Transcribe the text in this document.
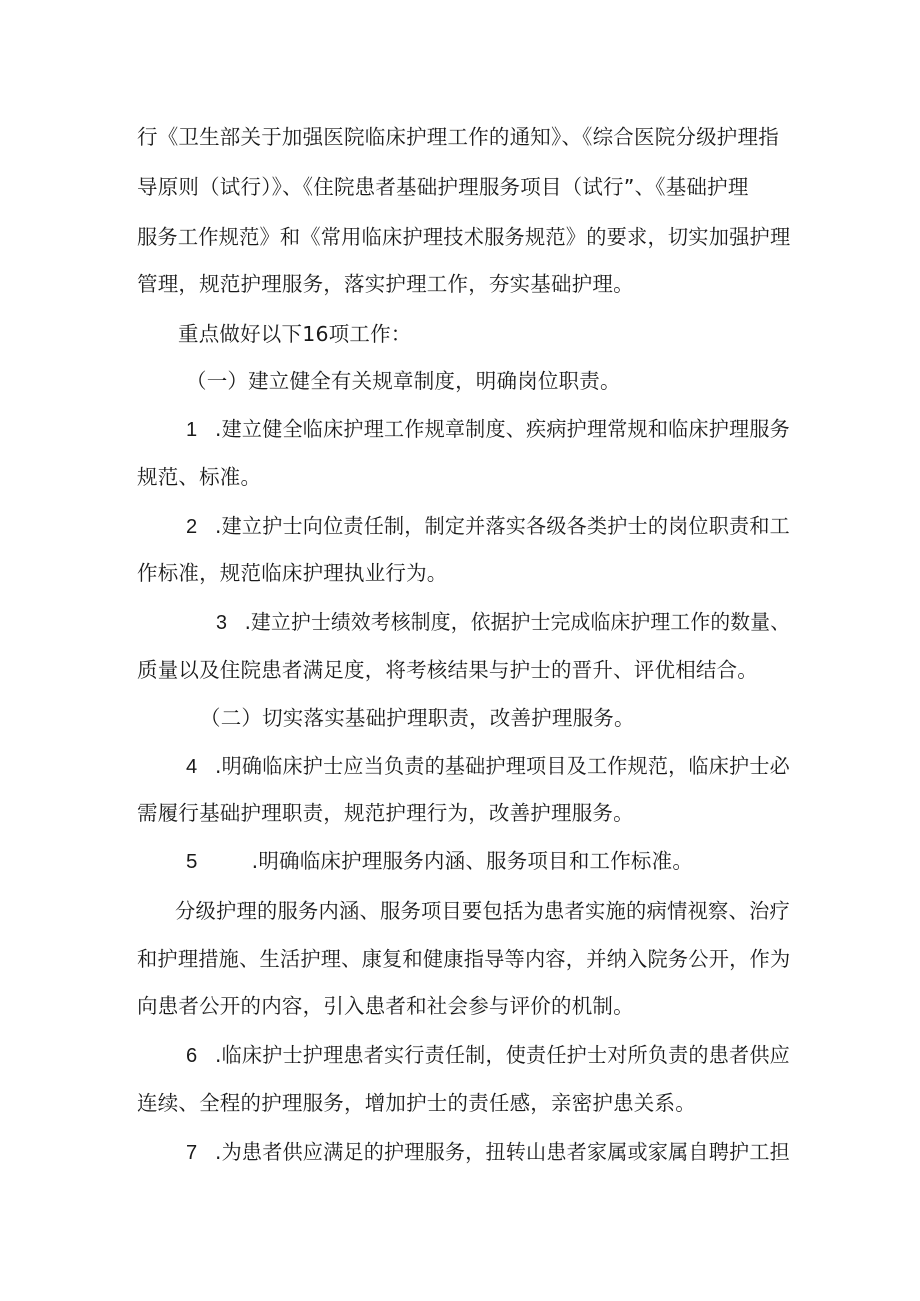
行《卫生部关于加强医院临床护理工作的通知》、《综合医院分级护理指
导原则（试行）》、《住院患者基础护理服务项目（试行”、《基础护理
服务工作规范》和《常用临床护理技术服务规范》的要求，切实加强护理
管理，规范护理服务，落实护理工作，夯实基础护理。
重点做好以下16项工作：
（一）建立健全有关规章制度，明确岗位职责。
1 .建立健全临床护理工作规章制度、疾病护理常规和临床护理服务
规范、标准。
2 .建立护士向位责任制，制定并落实各级各类护士的岗位职责和工
作标准，规范临床护理执业行为。
3 .建立护士绩效考核制度，依据护士完成临床护理工作的数量、
质量以及住院患者满足度，将考核结果与护士的晋升、评优相结合。
（二）切实落实基础护理职责，改善护理服务。
4 .明确临床护士应当负责的基础护理项目及工作规范，临床护士必
需履行基础护理职责，规范护理行为，改善护理服务。
5	.明确临床护理服务内涵、服务项目和工作标准。
分级护理的服务内涵、服务项目要包括为患者实施的病情视察、治疗
和护理措施、生活护理、康复和健康指导等内容，并纳入院务公开，作为
向患者公开的内容，引入患者和社会参与评价的机制。
6 .临床护士护理患者实行责任制，使责任护士对所负责的患者供应
连续、全程的护理服务，增加护士的责任感，亲密护患关系。
7 .为患者供应满足的护理服务，扭转山患者家属或家属自聘护工担
